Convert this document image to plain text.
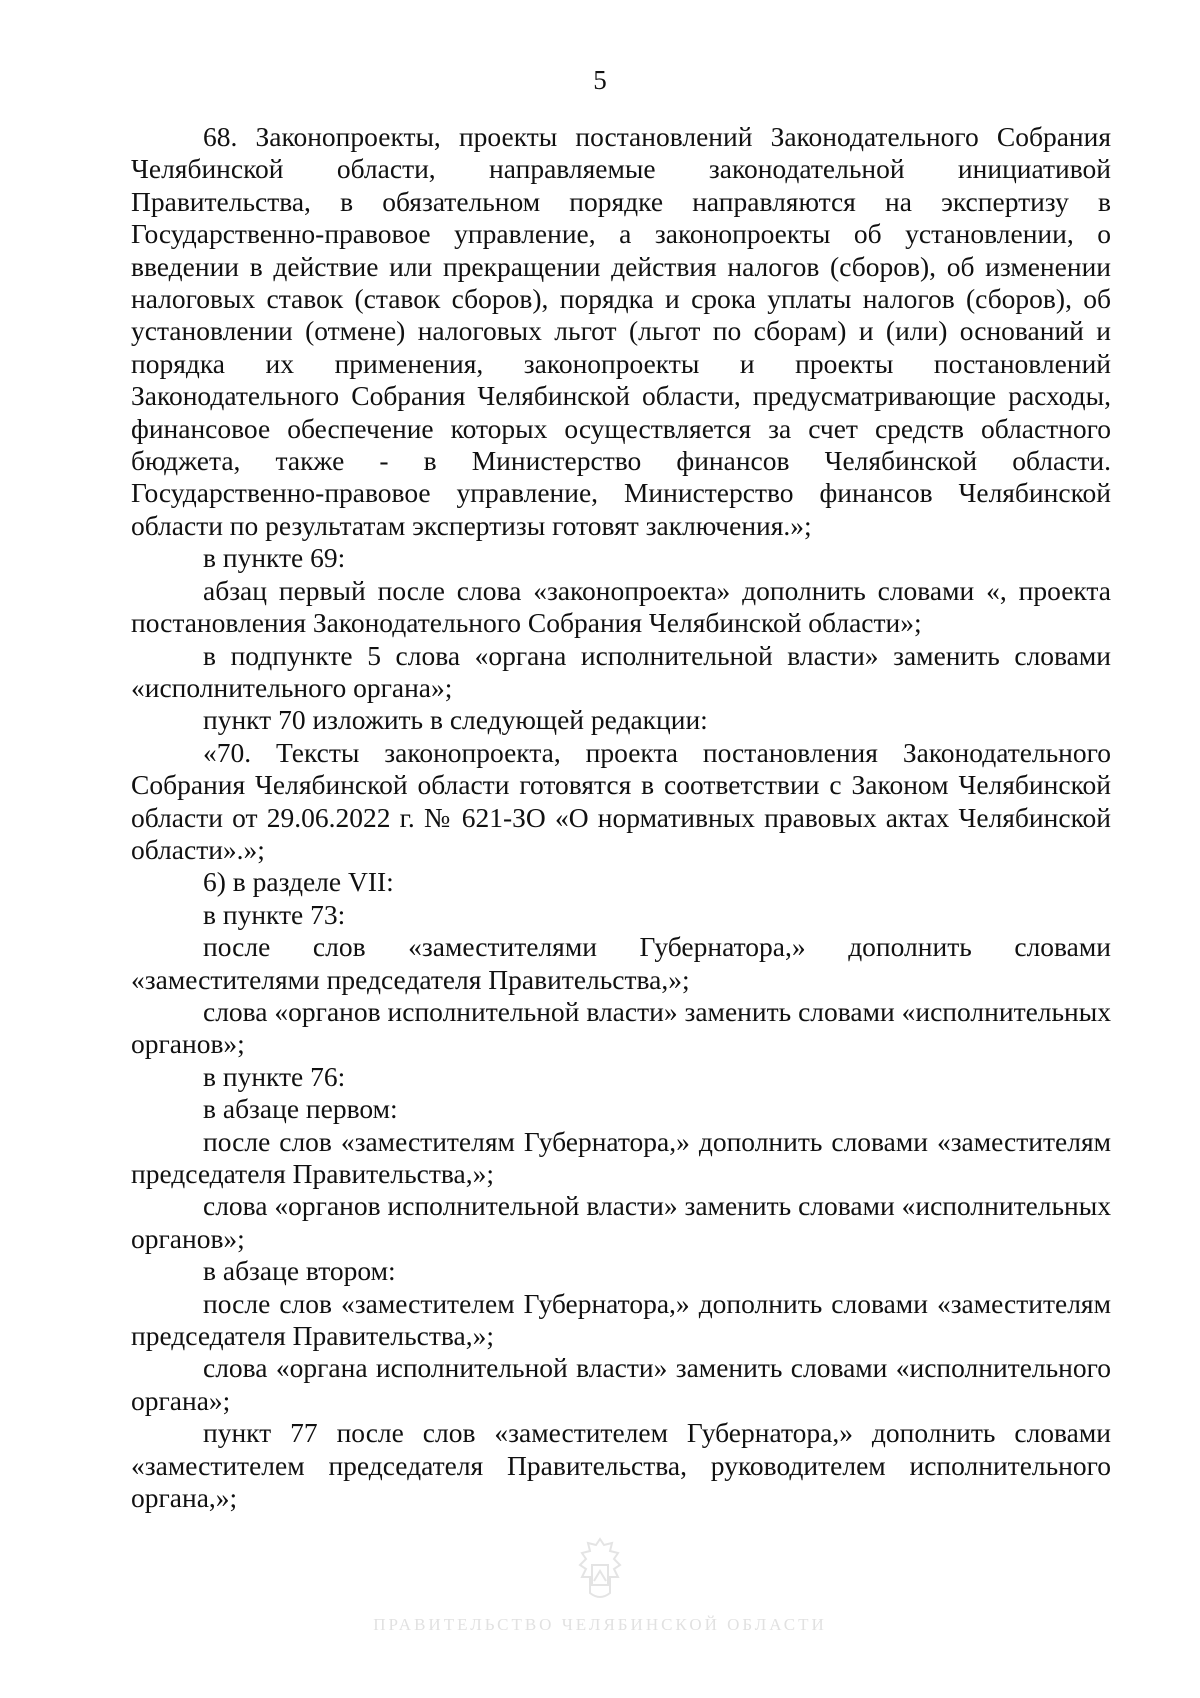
5

68. Законопроекты, проекты постановлений Законодательного Собрания Челябинской области, направляемые законодательной инициативой Правительства, в обязательном порядке направляются на экспертизу в Государственно-правовое управление, а законопроекты об установлении, о введении в действие или прекращении действия налогов (сборов), об изменении налоговых ставок (ставок сборов), порядка и срока уплаты налогов (сборов), об установлении (отмене) налоговых льгот (льгот по сборам) и (или) оснований и порядка их применения, законопроекты и проекты постановлений Законодательного Собрания Челябинской области, предусматривающие расходы, финансовое обеспечение которых осуществляется за счет средств областного бюджета, также - в Министерство финансов Челябинской области. Государственно-правовое управление, Министерство финансов Челябинской области по результатам экспертизы готовят заключения.»;

в пункте 69:

абзац первый после слова «законопроекта» дополнить словами «, проекта постановления Законодательного Собрания Челябинской области»;

в подпункте 5 слова «органа исполнительной власти» заменить словами «исполнительного органа»;

пункт 70 изложить в следующей редакции:

«70. Тексты законопроекта, проекта постановления Законодательного Собрания Челябинской области готовятся в соответствии с Законом Челябинской области от 29.06.2022 г. № 621-ЗО «О нормативных правовых актах Челябинской области».»;

6) в разделе VII:

в пункте 73:

после слов «заместителями Губернатора,» дополнить словами «заместителями председателя Правительства,»;

слова «органов исполнительной власти» заменить словами «исполнительных органов»;

в пункте 76:

в абзаце первом:

после слов «заместителям Губернатора,» дополнить словами «заместителям председателя Правительства,»;

слова «органов исполнительной власти» заменить словами «исполнительных органов»;

в абзаце втором:

после слов «заместителем Губернатора,» дополнить словами «заместителям председателя Правительства,»;

слова «органа исполнительной власти» заменить словами «исполнительного органа»;

пункт 77 после слов «заместителем Губернатора,» дополнить словами «заместителем председателя Правительства, руководителем исполнительного органа,»;

ПРАВИТЕЛЬСТВО ЧЕЛЯБИНСКОЙ ОБЛАСТИ
